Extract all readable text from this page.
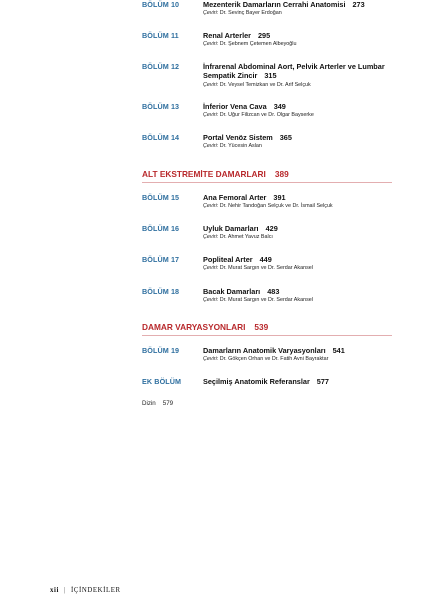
BÖLÜM 10	Mezenterik Damarların Cerrahi Anatomisi 273
Çeviri: Dr. Sevinç Bayer Erdoğan
BÖLÜM 11	Renal Arterler 295
Çeviri: Dr. Şebnem Çetemen Albeyoğlu
BÖLÜM 12	İnfrarenal Abdominal Aort, Pelvik Arterler ve Lumbar Sempatik Zincir 315
Çeviri: Dr. Veysel Temizkan ve Dr. Arif Selçuk
BÖLÜM 13	İnferior Vena Cava 349
Çeviri: Dr. Uğur Filizcan ve Dr. Olgar Bayserke
BÖLÜM 14	Portal Venöz Sistem 365
Çeviri: Dr. Yücesin Aslan
ALT EKSTREMİTE DAMARLARI 389
BÖLÜM 15	Ana Femoral Arter 391
Çeviri: Dr. Nehir Tandoğan Selçuk ve Dr. İsmail Selçuk
BÖLÜM 16	Uyluk Damarları 429
Çeviri: Dr. Ahmet Yavuz Balcı
BÖLÜM 17	Popliteal Arter 449
Çeviri: Dr. Murat Sargın ve Dr. Serdar Akansel
BÖLÜM 18	Bacak Damarları 483
Çeviri: Dr. Murat Sargın ve Dr. Serdar Akansel
DAMAR VARYASYONLARI 539
BÖLÜM 19	Damarların Anatomik Varyasyonları 541
Çeviri: Dr. Gökçen Orhan ve Dr. Fatih Avni Bayraktar
EK BÖLÜM	Seçilmiş Anatomik Referanslar 577
Dizin 579
xii | İÇİNDEKİLER
